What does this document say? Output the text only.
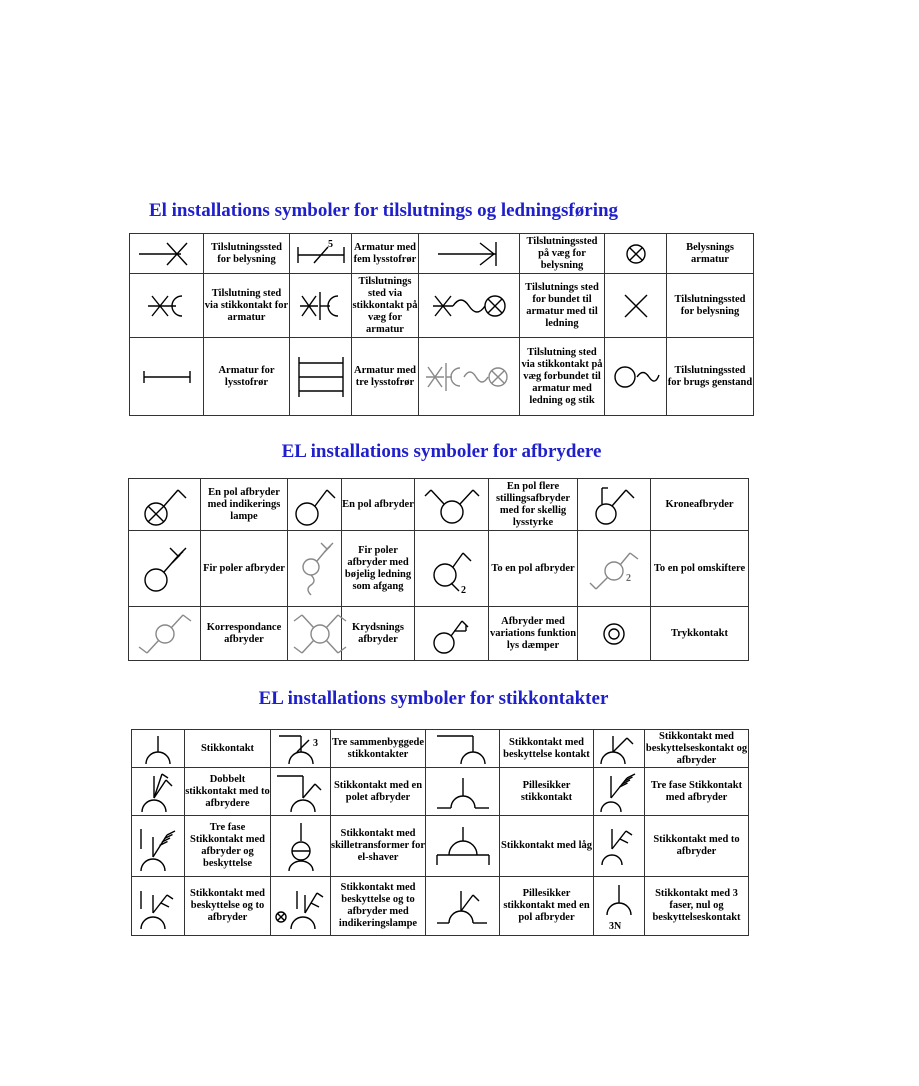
El installations symboler for tilslutnings og ledningsføring
	Tilslutningssted for belysning	5	Armatur med fem lysstofrør		Tilslutningssted på væg for belysning		Belysnings armatur

	Tilslutning sted via stikkontakt for armatur		Tilslutnings sted via stikkontakt på væg for armatur		Tilslutnings sted for bundet til armatur med til ledning		Tilslutningssted for belysning

	Armatur for lysstofrør		Armatur med tre lysstofrør		Tilslutning sted via stikkontakt på væg forbundet til armatur med ledning og stik		Tilslutningssted for brugs genstand
EL installations symboler for afbrydere
	En pol afbryder med indikerings lampe		En pol afbryder		En pol flere stillingsafbryder med for skellig lysstyrke		Kroneafbryder

	Fir poler afbryder		Fir poler afbryder med bøjelig ledning som afgang	2	To en pol afbryder	2	To en pol omskiftere

	Korrespondance afbryder		Krydsnings afbryder		Afbryder med variations funktion lys dæmper		Trykkontakt
EL installations symboler for stikkontakter
	Stikkontakt	3	Tre sammenbyggede stikkontakter		Stikkontakt med beskyttelse kontakt		Stikkontakt med beskyttelseskontakt og afbryder

	Dobbelt stikkontakt med to afbrydere		Stikkontakt med en polet afbryder		Pillesikker stikkontakt		Tre fase Stikkontakt med afbryder

	Tre fase Stikkontakt med afbryder og beskyttelse		Stikkontakt med skilletransformer for el-shaver		Stikkontakt med låg		Stikkontakt med to afbryder

	Stikkontakt med beskyttelse og to afbryder		Stikkontakt med beskyttelse og to afbryder med indikeringslampe		Pillesikker stikkontakt med en pol afbryder	3N	Stikkontakt med 3 faser, nul og beskyttelseskontakt
